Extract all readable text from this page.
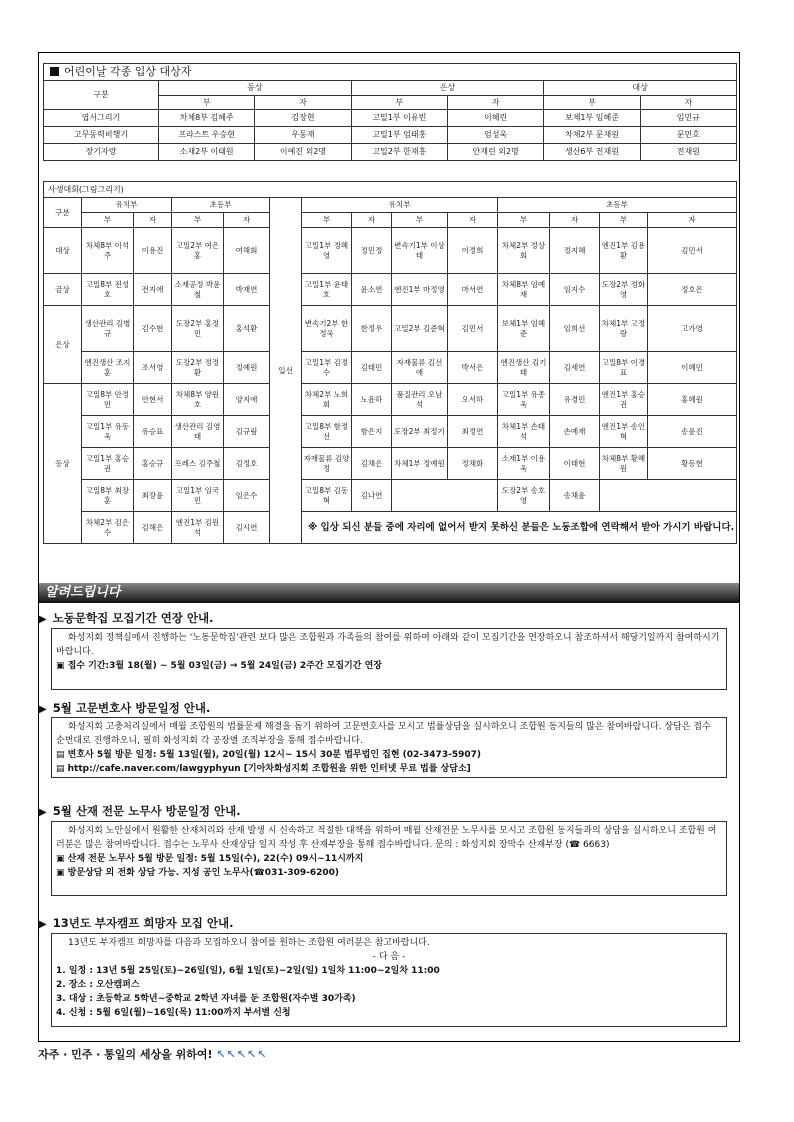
어린이날 각종 입상 대상자
구분	동상		은상		대상	
	부	자	부	자	부	자
엽서그리기	차체8부 김혜주	김장현	고밀1부 이유빈	이혜린	보체1부 임혜준	임민규
고무동력비행기	프라스트 우승현	우동재	고밀1부 엄태홍	엄성욱	차체2부 문재원	문민호
장기자랑	소재2부 이태원	이예진 외2명	고밀2부 한재홍	안재린 외2명	생산6부 전재원	전재원
사생대회(그림그리기)
구분	유치부		초등부		입선	유치부				초등부			
	부	자	부	자		부	자	부	자	부	자	부	자
대상	차체8부 이석주	이용진	고밀2부 여은홍	여해회		고밀1부 정혜영	정민정	변속기1부 이상태	이정희	차체2부 정상회	정지혜	엔진1부 김용환	김민서
금상	고밀8부 전성호	전지애	소재공정 박윤철	박재연		고밀1부 윤태호	윤소연	엔진1부 마정영	마서연	차체8부 임예재	임지수	도장2부 정화영	정호은
은상	생산관리 김병규	김수현	도장2부 홍정민	홍석환		변속기2부 한정욱	한정우	고밀2부 김준혁	김민서	보체1부 임혜준	임희선	차체1부 고정랑	고가영
	엔진생산 조지훈	조서영	도장2부 정정환	정예원		고밀1부 김정수	김태민	자재물류 김선애	박서은	엔진생산 김기태	김세연	고밀8부 이경표	이혜민
동상	고밀8부 안정민	안현서	차체8부 양원호	양지애		차체2부 노희회	노윤하	품질관리 오남석	오서하	고밀1부 유종욱	유경민	엔진1부 홍승권	홍혜원
	고밀1부 유동욱	유승표	생산관리 김영태	김규림		고밀8부 함정선	함은지	도장2부 최정기	최정연	차체1부 손태석	손예재	엔진1부 송인혁	송윤진
	고밀1부 홍승권	홍승규	프레스 김주철	김정호		자재물류 김양정	김채은	차체1부 정예원	정채화	소재1부 이용욱	이태현	차체8부 황혜원	황동현
	고밀8부 최장훈	최장윤	고밀1부 임국민	임은수		고밀8부 김동혁	김나연			도장2부 송호영	송채윤		
	차체2부 김은수	김해은	엔진1부 김원석	김시연		※ 입상 되신 분들 중에 자리에 없어서 받지 못하신 분들은 노동조합에 연락해서 받아 가시기 바랍니다.							
알려드립니다
▶ 노동문학집 모집기간 연장 안내.

화성지회 정책실에서 진행하는 ‘노동문학집’관련 보다 많은 조합원과 가족들의 참여를 위하여 아래와 같이 모집기간을 연장하오니 참조하셔서 해당기일까지 참여하시기 바랍니다.

▣ 접수 기간:3월 18(월) ~ 5월 03일(금) → 5월 24일(금) 2주간 모집기간 연장

▶ 5월 고문변호사 방문일정 안내.

화성지회 고충처리실에서 매월 조합원의 법률문제 해결을 돕기 위하여 고문변호사를 모시고 법률상담을 실시하오니 조합원 동지들의 많은 참여바랍니다. 상담은 접수 순번대로 진행하오니, 필히 화성지회 각 공장별 조직부장을 통해 접수바랍니다.

▤ 변호사 5월 방문 일정: 5월 13일(월), 20일(월) 12시~ 15시 30분 법무법인 집현 (02-3473-5907)

▤ http://cafe.naver.com/lawgyphyun [기아차화성지회 조합원을 위한 인터넷 무료 법률 상담소]

▶ 5월 산재 전문 노무사 방문일정 안내.

화성지회 노안실에서 원활한 산재처리와 산재 발생 시 신속하고 적절한 대책을 위하여 매월 산재전문 노무사를 모시고 조합원 동지들과의 상담을 실시하오니 조합원 여러분은 많은 참여바랍니다. 접수는 노무사 산재상담 일지 작성 후 산재부장을 통해 접수바랍니다. 문의 : 화성지회 장막수 산재부장 (☎ 6663)

▣ 산재 전문 노무사 5월 방문 일정: 5월 15일(수), 22(수) 09시~11시까지

▣ 방문상담 외 전화 상담 가능. 지성 공인 노무사(☎031-309-6200)

▶ 13년도 부자캠프 희망자 모집 안내.

13년도 부자캠프 희망자를 다음과 모집하오니 참여를 원하는 조합원 여러분은 참고바랍니다.

- 다 음 -

1. 일정 : 13년 5월 25일(토)~26일(일), 6월 1일(토)~2일(일) 1일차 11:00~2일차 11:00

2. 장소 : 오산캠퍼스

3. 대상 : 초등학교 5학년~중학교 2학년 자녀를 둔 조합원(자수별 30가족)

4. 신청 : 5월 6일(월)~16일(목) 11:00까지 부서별 신청

자주 · 민주 · 통일의 세상을 위하여! ↖↖↖↖↖
